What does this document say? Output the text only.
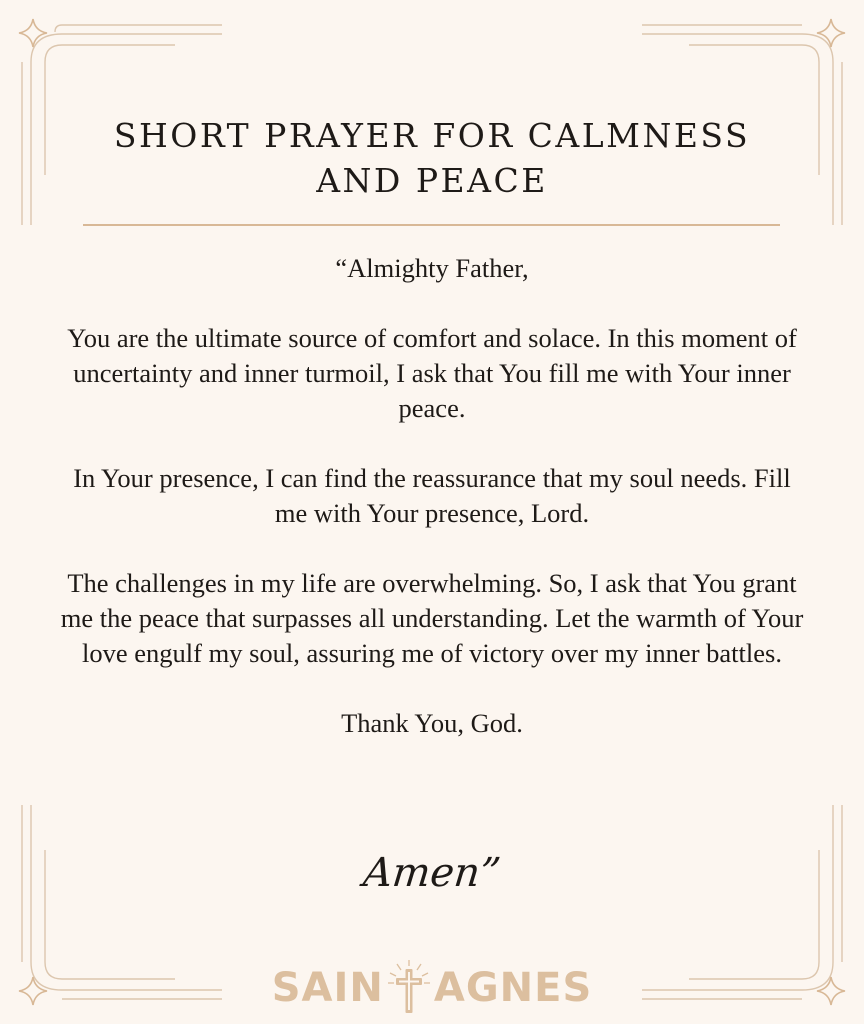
SHORT PRAYER FOR CALMNESS
AND PEACE

“Almighty Father,

You are the ultimate source of comfort and solace. In this moment of uncertainty and inner turmoil, I ask that You fill me with Your inner peace.

In Your presence, I can find the reassurance that my soul needs. Fill me with Your presence, Lord.

The challenges in my life are overwhelming. So, I ask that You grant me the peace that surpasses all understanding. Let the warmth of Your love engulf my soul, assuring me of victory over my inner battles.

Thank You, God.

Amen”
SAIN AGNES
